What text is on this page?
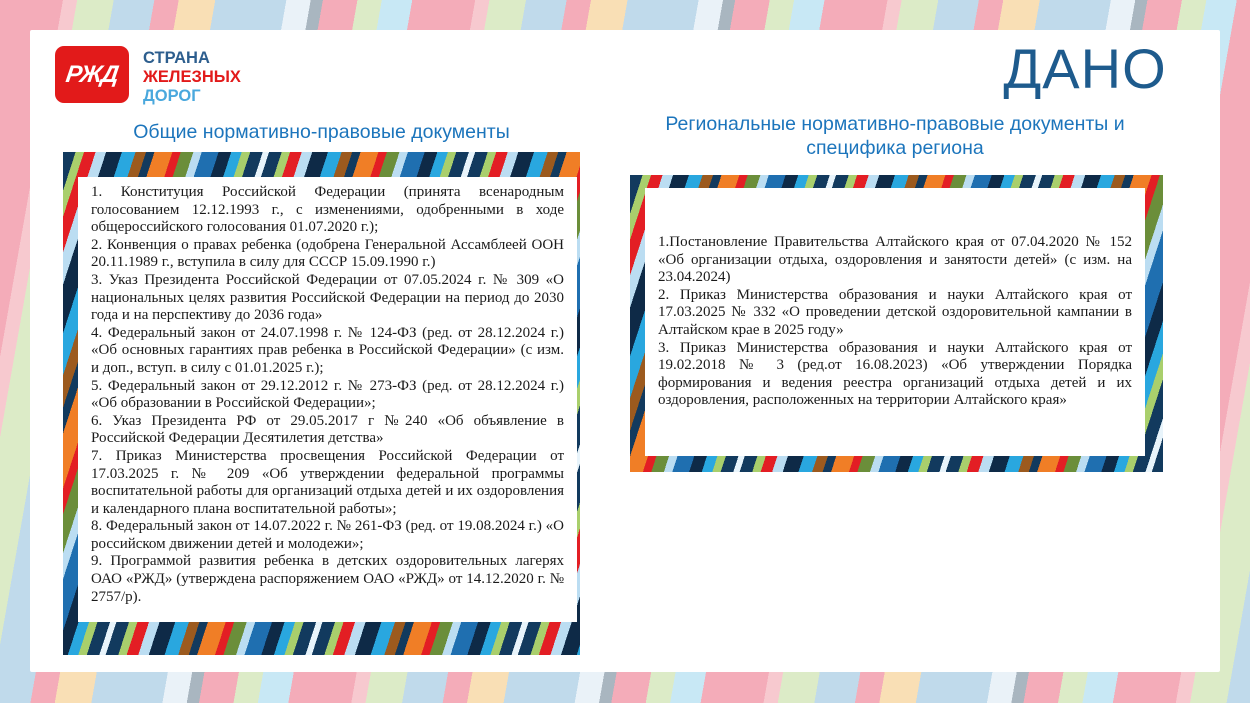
РЖД
СТРАНА
ЖЕЛЕЗНЫХ
ДОРОГ	ДАНО
Общие нормативно-правовые документы	Региональные нормативно-правовые документы и специфика региона

1. Конституция Российской Федерации (принята всенародным голосованием 12.12.1993 г., с изменениями, одобренными в ходе общероссийского голосования 01.07.2020 г.);

2. Конвенция о правах ребенка (одобрена Генеральной Ассамблеей ООН 20.11.1989 г., вступила в силу для СССР 15.09.1990 г.)

3. Указ Президента Российской Федерации от 07.05.2024 г. № 309 «О национальных целях развития Российской Федерации на период до 2030 года и на перспективу до 2036 года»

4. Федеральный закон от 24.07.1998 г. № 124-ФЗ (ред. от 28.12.2024 г.) «Об основных гарантиях прав ребенка в Российской Федерации» (с изм. и доп., вступ. в силу с 01.01.2025 г.);

5. Федеральный закон от 29.12.2012 г. № 273-ФЗ (ред. от 28.12.2024 г.) «Об образовании в Российской Федерации»;

6. Указ Президента РФ от 29.05.2017 г №240 «Об объявление в Российской Федерации Десятилетия детства»

7. Приказ Министерства просвещения Российской Федерации от 17.03.2025 г. № 209 «Об утверждении федеральной программы воспитательной работы для организаций отдыха детей и их оздоровления и календарного плана воспитательной работы»;

8. Федеральный закон от 14.07.2022 г. № 261-ФЗ (ред. от 19.08.2024 г.) «О российском движении детей и молодежи»;

9. Программой развития ребенка в детских оздоровительных лагерях ОАО «РЖД» (утверждена распоряжением ОАО «РЖД» от 14.12.2020 г. № 2757/р).

1.Постановление Правительства Алтайского края от 07.04.2020 № 152 «Об организации отдыха, оздоровления и занятости детей» (с изм. на 23.04.2024)

2. Приказ Министерства образования и науки Алтайского края от 17.03.2025 № 332 «О проведении детской оздоровительной кампании в Алтайском крае в 2025 году»

3. Приказ Министерства образования и науки Алтайского края от 19.02.2018 № 3 (ред.от 16.08.2023) «Об утверждении Порядка формирования и ведения реестра организаций отдыха детей и их оздоровления, расположенных на территории Алтайского края»
